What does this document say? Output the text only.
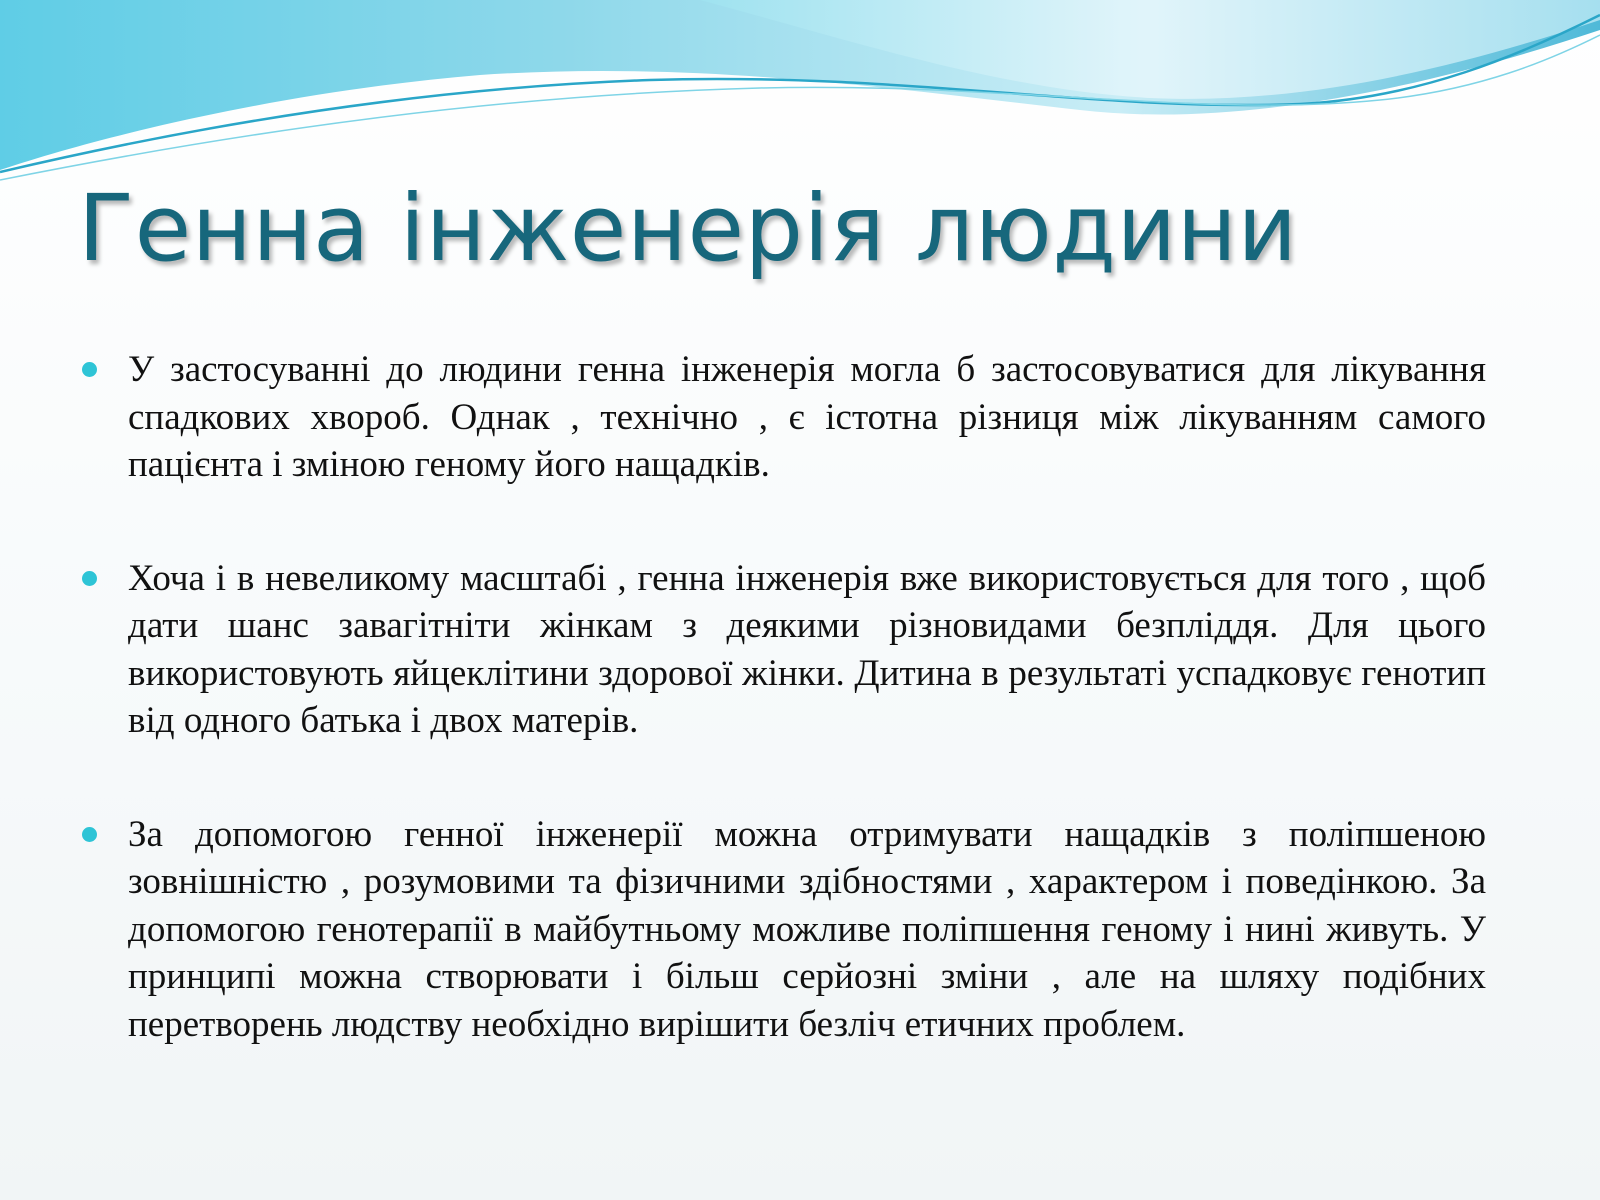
Генна інженерія людини
У застосуванні до людини генна інженерія могла б застосовуватися для лікування спадкових хвороб. Однак , технічно , є істотна різниця між лікуванням самого пацієнта і зміною геному його нащадків.
Хоча і в невеликому масштабі , генна інженерія вже використовується для того , щоб дати шанс завагітніти жінкам з деякими різновидами безпліддя. Для цього використовують яйцеклітини здорової жінки. Дитина в результаті успадковує генотип від одного батька і двох матерів.
За допомогою генної інженерії можна отримувати нащадків з поліпшеною зовнішністю , розумовими та фізичними здібностями , характером і поведінкою. За допомогою генотерапії в майбутньому можливе поліпшення геному і нині живуть. У принципі можна створювати і більш серйозні зміни , але на шляху подібних перетворень людству необхідно вирішити безліч етичних проблем.
